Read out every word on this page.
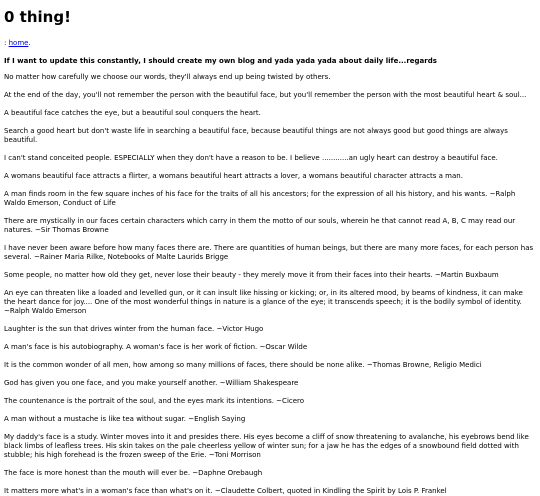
0 thing!
: home.

If I want to update this constantly, I should create my own blog and yada yada yada about daily life...regards

No matter how carefully we choose our words, they'll always end up being twisted by others.

At the end of the day, you'll not remember the person with the beautiful face, but you'll remember the person with the most beautiful heart & soul...

A beautiful face catches the eye, but a beautiful soul conquers the heart.

Search a good heart but don't waste life in searching a beautiful face, because beautiful things are not always good but good things are always beautiful.

I can't stand conceited people. ESPECIALLY when they don't have a reason to be. I believe ............an ugly heart can destroy a beautiful face.

A womans beautiful face attracts a flirter, a womans beautiful heart attracts a lover, a womans beautiful character attracts a man.

A man finds room in the few square inches of his face for the traits of all his ancestors; for the expression of all his history, and his wants. ~Ralph Waldo Emerson, Conduct of Life

There are mystically in our faces certain characters which carry in them the motto of our souls, wherein he that cannot read A, B, C may read our natures. ~Sir Thomas Browne

I have never been aware before how many faces there are. There are quantities of human beings, but there are many more faces, for each person has several. ~Rainer Maria Rilke, Notebooks of Malte Laurids Brigge

Some people, no matter how old they get, never lose their beauty - they merely move it from their faces into their hearts. ~Martin Buxbaum

An eye can threaten like a loaded and levelled gun, or it can insult like hissing or kicking; or, in its altered mood, by beams of kindness, it can make the heart dance for joy.... One of the most wonderful things in nature is a glance of the eye; it transcends speech; it is the bodily symbol of identity. ~Ralph Waldo Emerson

Laughter is the sun that drives winter from the human face. ~Victor Hugo

A man's face is his autobiography. A woman's face is her work of fiction. ~Oscar Wilde

It is the common wonder of all men, how among so many millions of faces, there should be none alike. ~Thomas Browne, Religio Medici

God has given you one face, and you make yourself another. ~William Shakespeare

The countenance is the portrait of the soul, and the eyes mark its intentions. ~Cicero

A man without a mustache is like tea without sugar. ~English Saying

My daddy's face is a study. Winter moves into it and presides there. His eyes become a cliff of snow threatening to avalanche, his eyebrows bend like black limbs of leafless trees. His skin takes on the pale cheerless yellow of winter sun; for a jaw he has the edges of a snowbound field dotted with stubble; his high forehead is the frozen sweep of the Erie. ~Toni Morrison

The face is more honest than the mouth will ever be. ~Daphne Orebaugh

It matters more what's in a woman's face than what's on it. ~Claudette Colbert, quoted in Kindling the Spirit by Lois P. Frankel
